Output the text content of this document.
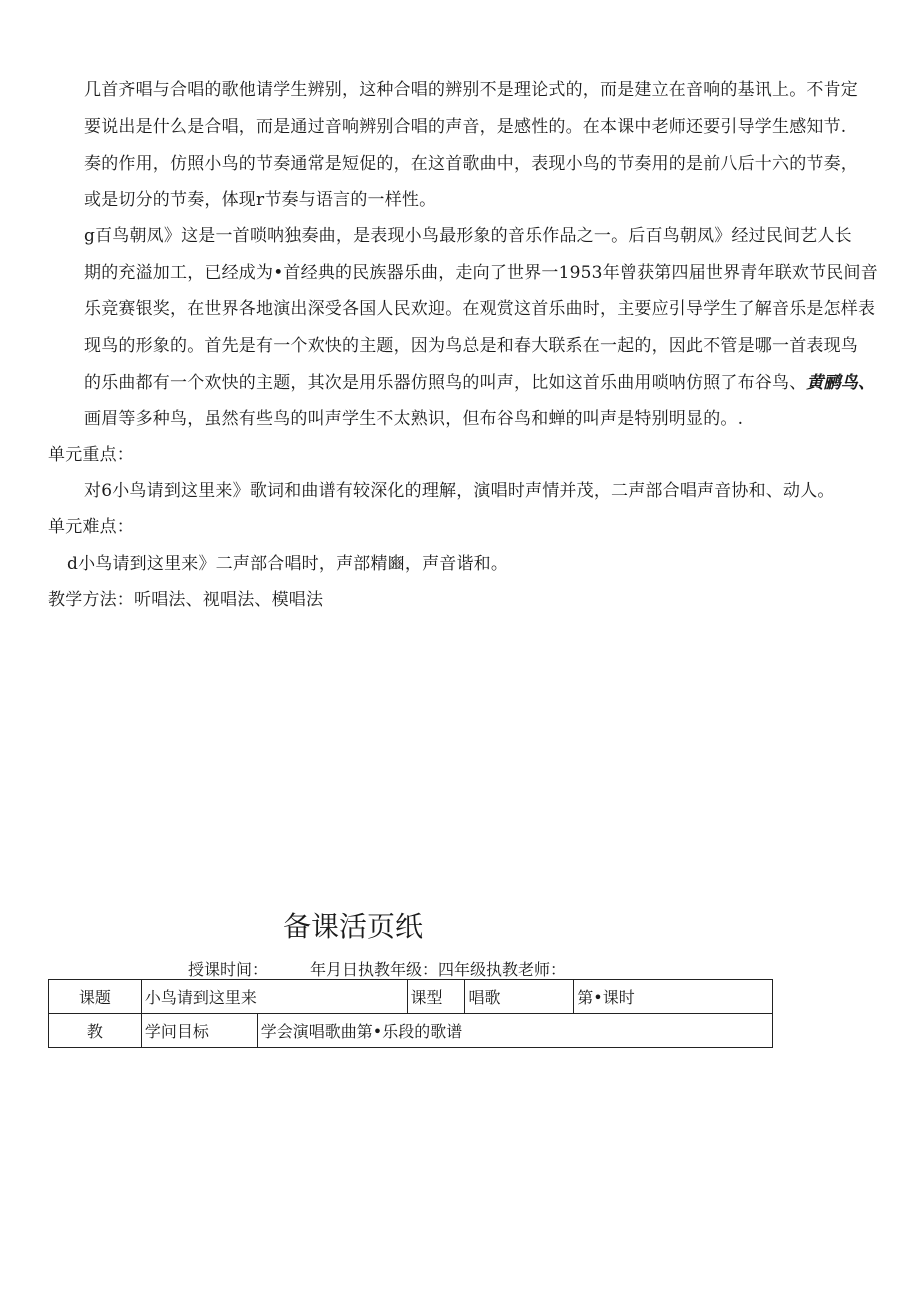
几首齐唱与合唱的歌他请学生辨别，这种合唱的辨别不是理论式的，而是建立在音响的基讯上。不肯定
要说出是什么是合唱，而是通过音响辨别合唱的声音，是感性的。在本课中老师还要引导学生感知节.
奏的作用，仿照小鸟的节奏通常是短促的，在这首歌曲中，表现小鸟的节奏用的是前八后十六的节奏，
或是切分的节奏，体现r节奏与语言的一样性。
g百鸟朝凤》这是一首唢呐独奏曲，是表现小鸟最形象的音乐作品之一。后百鸟朝凤》经过民间艺人长
期的充溢加工，已经成为•首经典的民族器乐曲，走向了世界一1953年曾获第四届世界青年联欢节民间音
乐竞赛银奖，在世界各地演出深受各国人民欢迎。在观赏这首乐曲时，主要应引导学生了解音乐是怎样表
现鸟的形象的。首先是有一个欢快的主题，因为鸟总是和春大联系在一起的，因此不管是哪一首表现鸟
的乐曲都有一个欢快的主题，其次是用乐器仿照鸟的叫声，比如这首乐曲用唢呐仿照了布谷鸟、黄鹂鸟、
画眉等多种鸟，虽然有些鸟的叫声学生不太熟识，但布谷鸟和蝉的叫声是特别明显的。.
单元重点：
对6小鸟请到这里来》歌词和曲谱有较深化的理解，演唱时声情并茂，二声部合唱声音协和、动人。
单元难点：
d小鸟请到这里来》二声部合唱时，声部精豳，声音谐和。
教学方法：听唱法、视唱法、模唱法
备课活页纸
授课时间：	年月日执教年级：四年级执教老师：
课题	小鸟请到这里来		课型	唱歌	第•课时
教	学问目标	学会演唱歌曲第•乐段的歌谱			
